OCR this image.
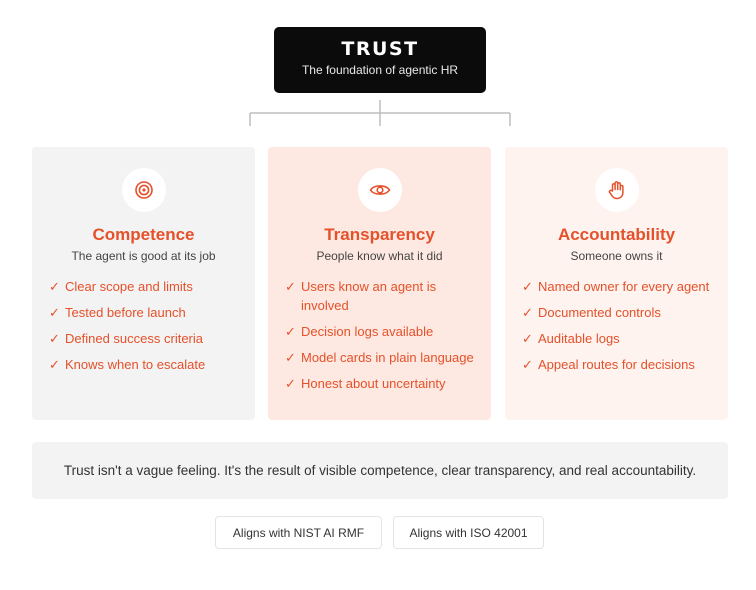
TRUST
The foundation of agentic HR
Competence
The agent is good at its job
✓ Clear scope and limits
✓ Tested before launch
✓ Defined success criteria
✓ Knows when to escalate
Transparency
People know what it did
✓ Users know an agent is involved
✓ Decision logs available
✓ Model cards in plain language
✓ Honest about uncertainty
Accountability
Someone owns it
✓ Named owner for every agent
✓ Documented controls
✓ Auditable logs
✓ Appeal routes for decisions
Trust isn't a vague feeling. It's the result of visible competence, clear transparency, and real accountability.
Aligns with NIST AI RMF	Aligns with ISO 42001
